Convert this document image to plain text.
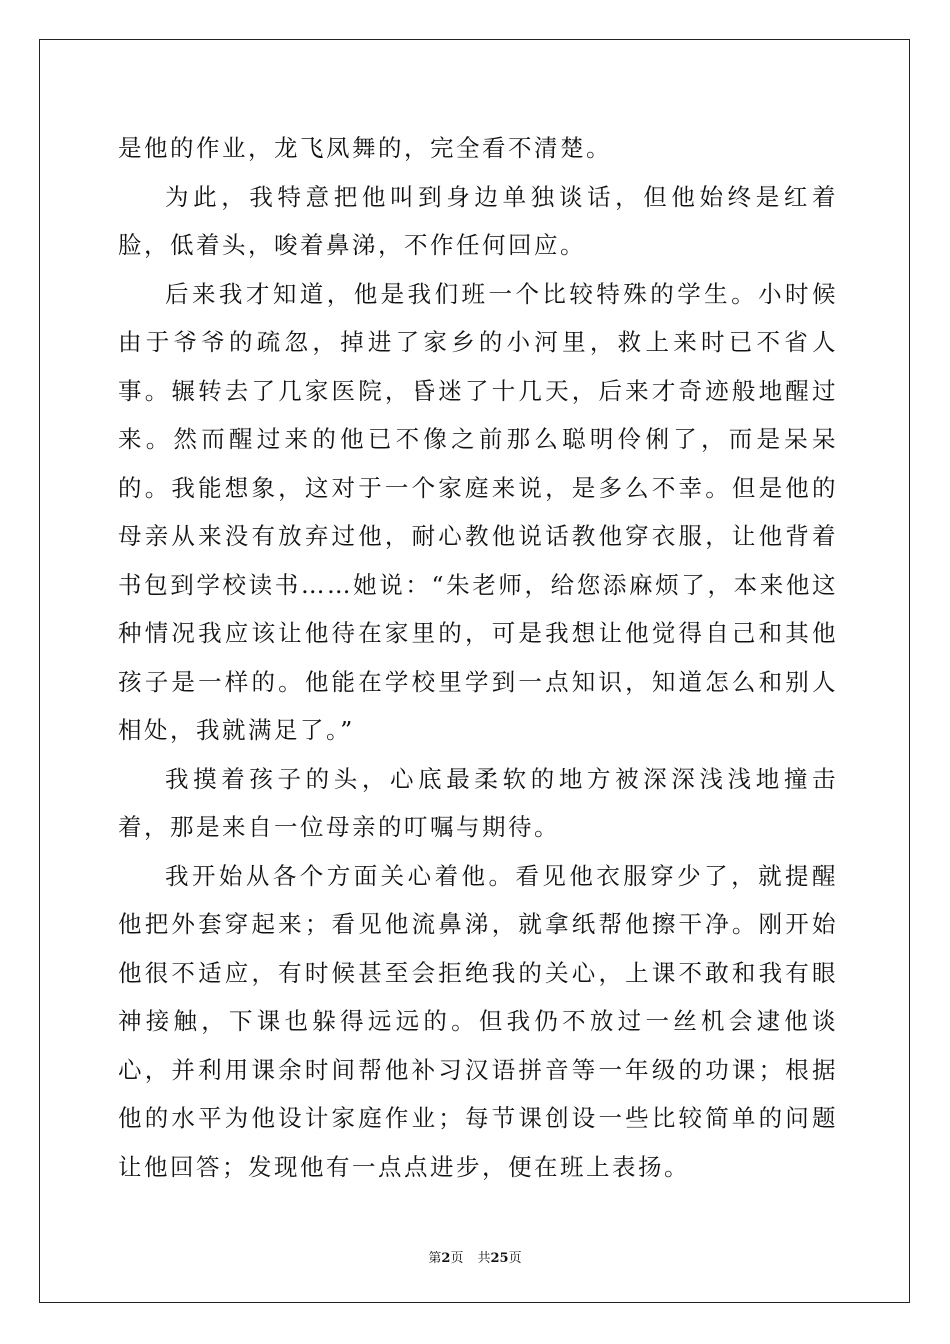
是他的作业，龙飞凤舞的，完全看不清楚。

为此，我特意把他叫到身边单独谈话，但他始终是红着脸，低着头，唆着鼻涕，不作任何回应。

后来我才知道，他是我们班一个比较特殊的学生。小时候由于爷爷的疏忽，掉进了家乡的小河里，救上来时已不省人事。辗转去了几家医院，昏迷了十几天，后来才奇迹般地醒过来。然而醒过来的他已不像之前那么聪明伶俐了，而是呆呆的。我能想象，这对于一个家庭来说，是多么不幸。但是他的母亲从来没有放弃过他，耐心教他说话教他穿衣服，让他背着书包到学校读书……她说：“朱老师，给您添麻烦了，本来他这种情况我应该让他待在家里的，可是我想让他觉得自己和其他孩子是一样的。他能在学校里学到一点知识，知道怎么和别人相处，我就满足了。”

我摸着孩子的头，心底最柔软的地方被深深浅浅地撞击着，那是来自一位母亲的叮嘱与期待。

我开始从各个方面关心着他。看见他衣服穿少了，就提醒他把外套穿起来；看见他流鼻涕，就拿纸帮他擦干净。刚开始他很不适应，有时候甚至会拒绝我的关心，上课不敢和我有眼神接触，下课也躲得远远的。但我仍不放过一丝机会逮他谈心，并利用课余时间帮他补习汉语拼音等一年级的功课；根据他的水平为他设计家庭作业；每节课创设一些比较简单的问题让他回答；发现他有一点点进步，便在班上表扬。

第2页 共25页
